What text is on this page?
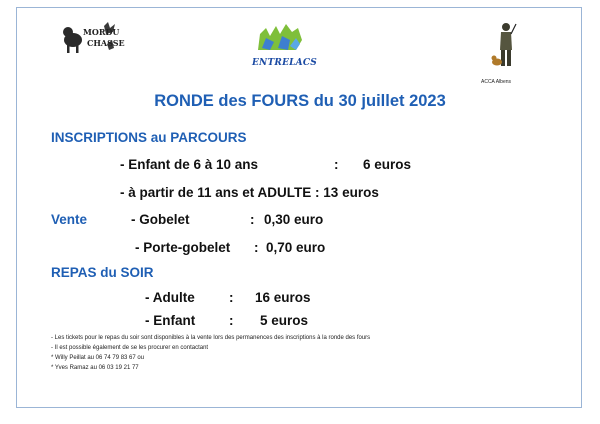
MORDU
CHASSE
ENTRELACS
ACCA Albens
RONDE des FOURS du 30 juillet 2023
INSCRIPTIONS au PARCOURS
- Enfant de 6 à 10 ans	: 6 euros
- à partir de 11 ans et ADULTE : 13 euros
Vente	- Gobelet	: 0,30 euro
- Porte-gobelet : 0,70 euro
REPAS du SOIR
- Adulte	: 16 euros
- Enfant	: 5 euros
- Les tickets pour le repas du soir sont disponibles à la vente lors des permanences des inscriptions à la ronde des fours
- Il est possible également de se les procurer en contactant
* Willy Peillat au 06 74 79 83 67 ou
* Yves Ramaz au 06 03 19 21 77
